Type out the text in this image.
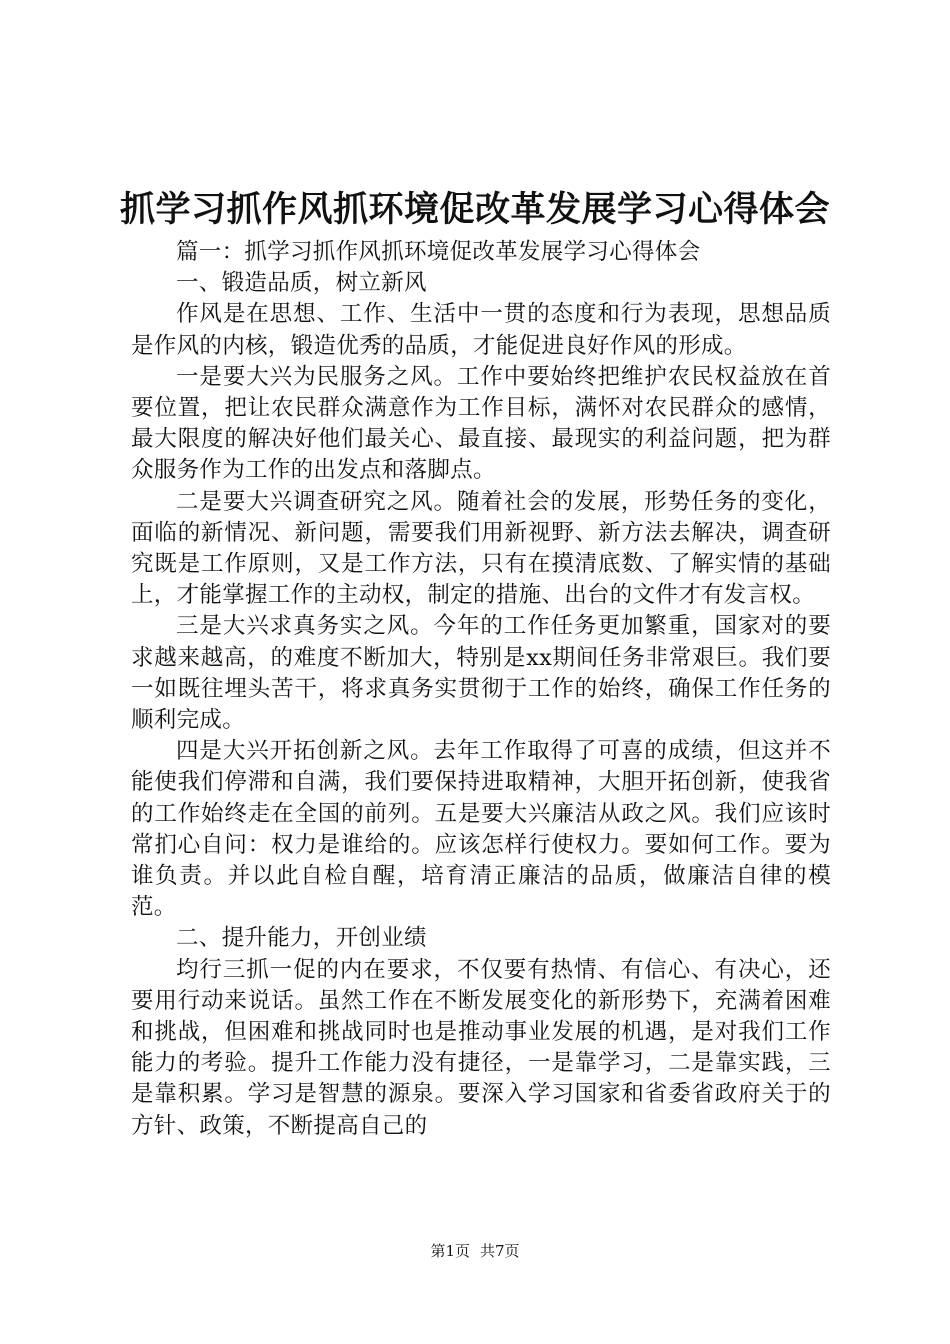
抓学习抓作风抓环境促改革发展学习心得体会

篇一：抓学习抓作风抓环境促改革发展学习心得体会

一、锻造品质，树立新风

作风是在思想、工作、生活中一贯的态度和行为表现，思想品质是作风的内核，锻造优秀的品质，才能促进良好作风的形成。

一是要大兴为民服务之风。工作中要始终把维护农民权益放在首要位置，把让农民群众满意作为工作目标，满怀对农民群众的感情，最大限度的解决好他们最关心、最直接、最现实的利益问题，把为群众服务作为工作的出发点和落脚点。

二是要大兴调查研究之风。随着社会的发展，形势任务的变化，面临的新情况、新问题，需要我们用新视野、新方法去解决，调查研究既是工作原则，又是工作方法，只有在摸清底数、了解实情的基础上，才能掌握工作的主动权，制定的措施、出台的文件才有发言权。

三是大兴求真务实之风。今年的工作任务更加繁重，国家对的要求越来越高，的难度不断加大，特别是xx期间任务非常艰巨。我们要一如既往埋头苦干，将求真务实贯彻于工作的始终，确保工作任务的顺利完成。

四是大兴开拓创新之风。去年工作取得了可喜的成绩，但这并不能使我们停滞和自满，我们要保持进取精神，大胆开拓创新，使我省的工作始终走在全国的前列。五是要大兴廉洁从政之风。我们应该时常扪心自问：权力是谁给的。应该怎样行使权力。要如何工作。要为谁负责。并以此自检自醒，培育清正廉洁的品质，做廉洁自律的模范。

二、提升能力，开创业绩

均行三抓一促的内在要求，不仅要有热情、有信心、有决心，还要用行动来说话。虽然工作在不断发展变化的新形势下，充满着困难和挑战，但困难和挑战同时也是推动事业发展的机遇，是对我们工作能力的考验。提升工作能力没有捷径，一是靠学习，二是靠实践，三是靠积累。学习是智慧的源泉。要深入学习国家和省委省政府关于的方针、政策，不断提高自己的

第1页 共7页
